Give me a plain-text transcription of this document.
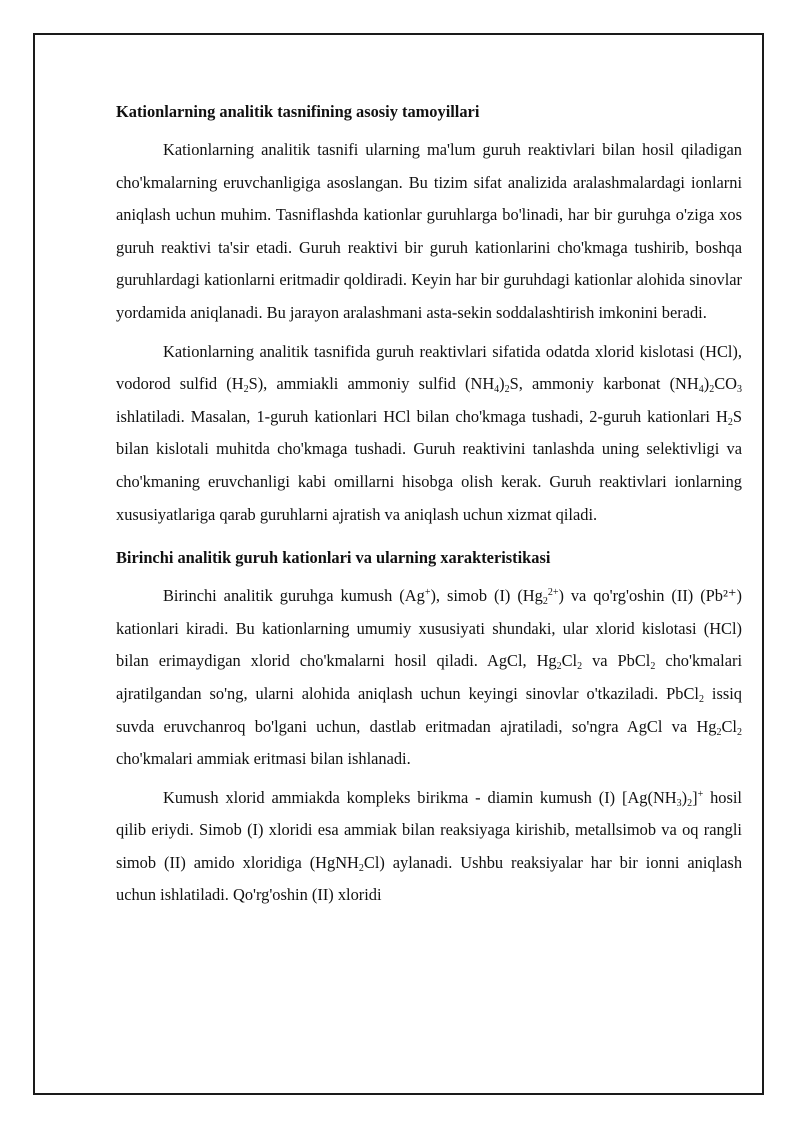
Kationlarning analitik tasnifining asosiy tamoyillari

Kationlarning analitik tasnifi ularning ma'lum guruh reaktivlari bilan hosil qiladigan cho'kmalarning eruvchanligiga asoslangan. Bu tizim sifat analizida aralashmalardagi ionlarni aniqlash uchun muhim. Tasniflashda kationlar guruhlarga bo'linadi, har bir guruhga o'ziga xos guruh reaktivi ta'sir etadi. Guruh reaktivi bir guruh kationlarini cho'kmaga tushirib, boshqa guruhlardagi kationlarni eritmadir qoldiradi. Keyin har bir guruhdagi kationlar alohida sinovlar yordamida aniqlanadi. Bu jarayon aralashmani asta-sekin soddalashtirish imkonini beradi.

Kationlarning analitik tasnifida guruh reaktivlari sifatida odatda xlorid kislotasi (HCl), vodorod sulfid $(H_2S)$, ammiakli ammoniy sulfid $(NH_4)_2S$, ammoniy karbonat $(NH_4)_2CO_3$ ishlatiladi. Masalan, 1-guruh kationlari HCl bilan cho'kmaga tushadi, 2-guruh kationlari $H_2S$ bilan kislotali muhitda cho'kmaga tushadi. Guruh reaktivini tanlashda uning selektivligi va cho'kmaning eruvchanligi kabi omillarni hisobga olish kerak. Guruh reaktivlari ionlarning xususiyatlariga qarab guruhlarni ajratish va aniqlash uchun xizmat qiladi.

Birinchi analitik guruh kationlari va ularning xarakteristikasi

Birinchi analitik guruhga kumush (Ag+), simob (I) $(Hg_2^{2+})$ va qo'rg'oshin (II) (Pb²⁺) kationlari kiradi. Bu kationlarning umumiy xususiyati shundaki, ular xlorid kislotasi (HCl) bilan erimaydigan xlorid cho'kmalarni hosil qiladi. AgCl, $Hg_2Cl_2$ va PbCl$_2$ cho'kmalari ajratilgandan so'ng, ularni alohida aniqlash uchun keyingi sinovlar o'tkaziladi. PbCl$_2$ issiq suvda eruvchanroq bo'lgani uchun, dastlab eritmadan ajratiladi, so'ngra AgCl va $Hg_2Cl_2$ cho'kmalari ammiak eritmasi bilan ishlanadi.

Kumush xlorid ammiakda kompleks birikma - diamin kumush (I) $[Ag(NH_3)_2]^+$ hosil qilib eriydi. Simob (I) xloridi esa ammiak bilan reaksiyaga kirishib, metallsimob va oq rangli simob (II) amido xloridiga (HgNH$_2$Cl) aylanadi. Ushbu reaksiyalar har bir ionni aniqlash uchun ishlatiladi. Qo'rg'oshin (II) xloridi
